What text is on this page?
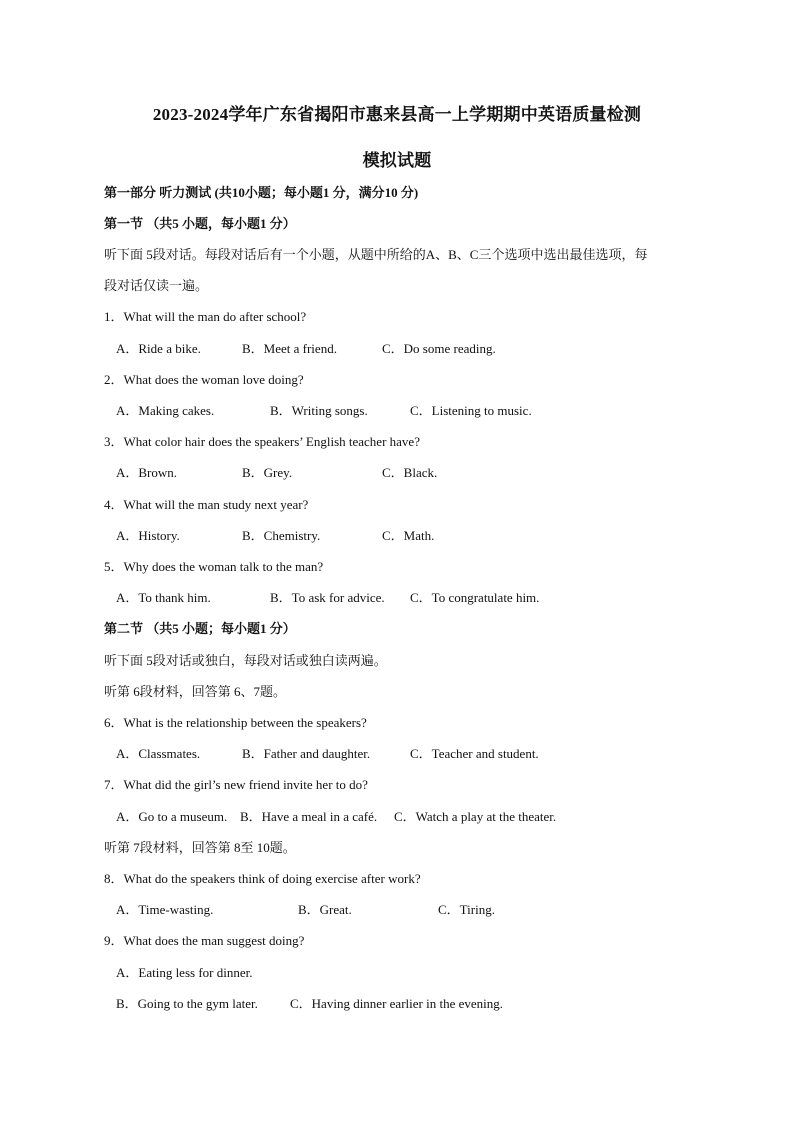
2023-2024学年广东省揭阳市惠来县高一上学期期中英语质量检测
模拟试题
第一部分 听力测试 (共10小题；每小题1 分，满分10 分)
第一节 （共5 小题，每小题1 分）
听下面 5段对话。每段对话后有一个小题，从题中所给的A、B、C三个选项中选出最佳选项，每
段对话仅读一遍。
1．What will the man do after school?
A．Ride a bike.	B．Meet a friend.	C．Do some reading.
2．What does the woman love doing?
A．Making cakes.	B．Writing songs.	C．Listening to music.
3．What color hair does the speakers’ English teacher have?
A．Brown.	B．Grey.	C．Black.
4．What will the man study next year?
A．History.	B．Chemistry.	C．Math.
5．Why does the woman talk to the man?
A．To thank him.	B．To ask for advice. C．To congratulate him.
第二节 （共5 小题；每小题1 分）
听下面 5段对话或独白，每段对话或独白读两遍。
听第 6段材料，回答第 6、7题。
6．What is the relationship between the speakers?
A．Classmates.	B．Father and daughter.	C．Teacher and student.
7．What did the girl’s new friend invite her to do?
A．Go to a museum. B．Have a meal in a café. C．Watch a play at the theater.
听第 7段材料，回答第 8至 10题。
8．What do the speakers think of doing exercise after work?
A．Time-wasting.	B．Great.	C．Tiring.
9．What does the man suggest doing?
A．Eating less for dinner.
B．Going to the gym later. C．Having dinner earlier in the evening.
